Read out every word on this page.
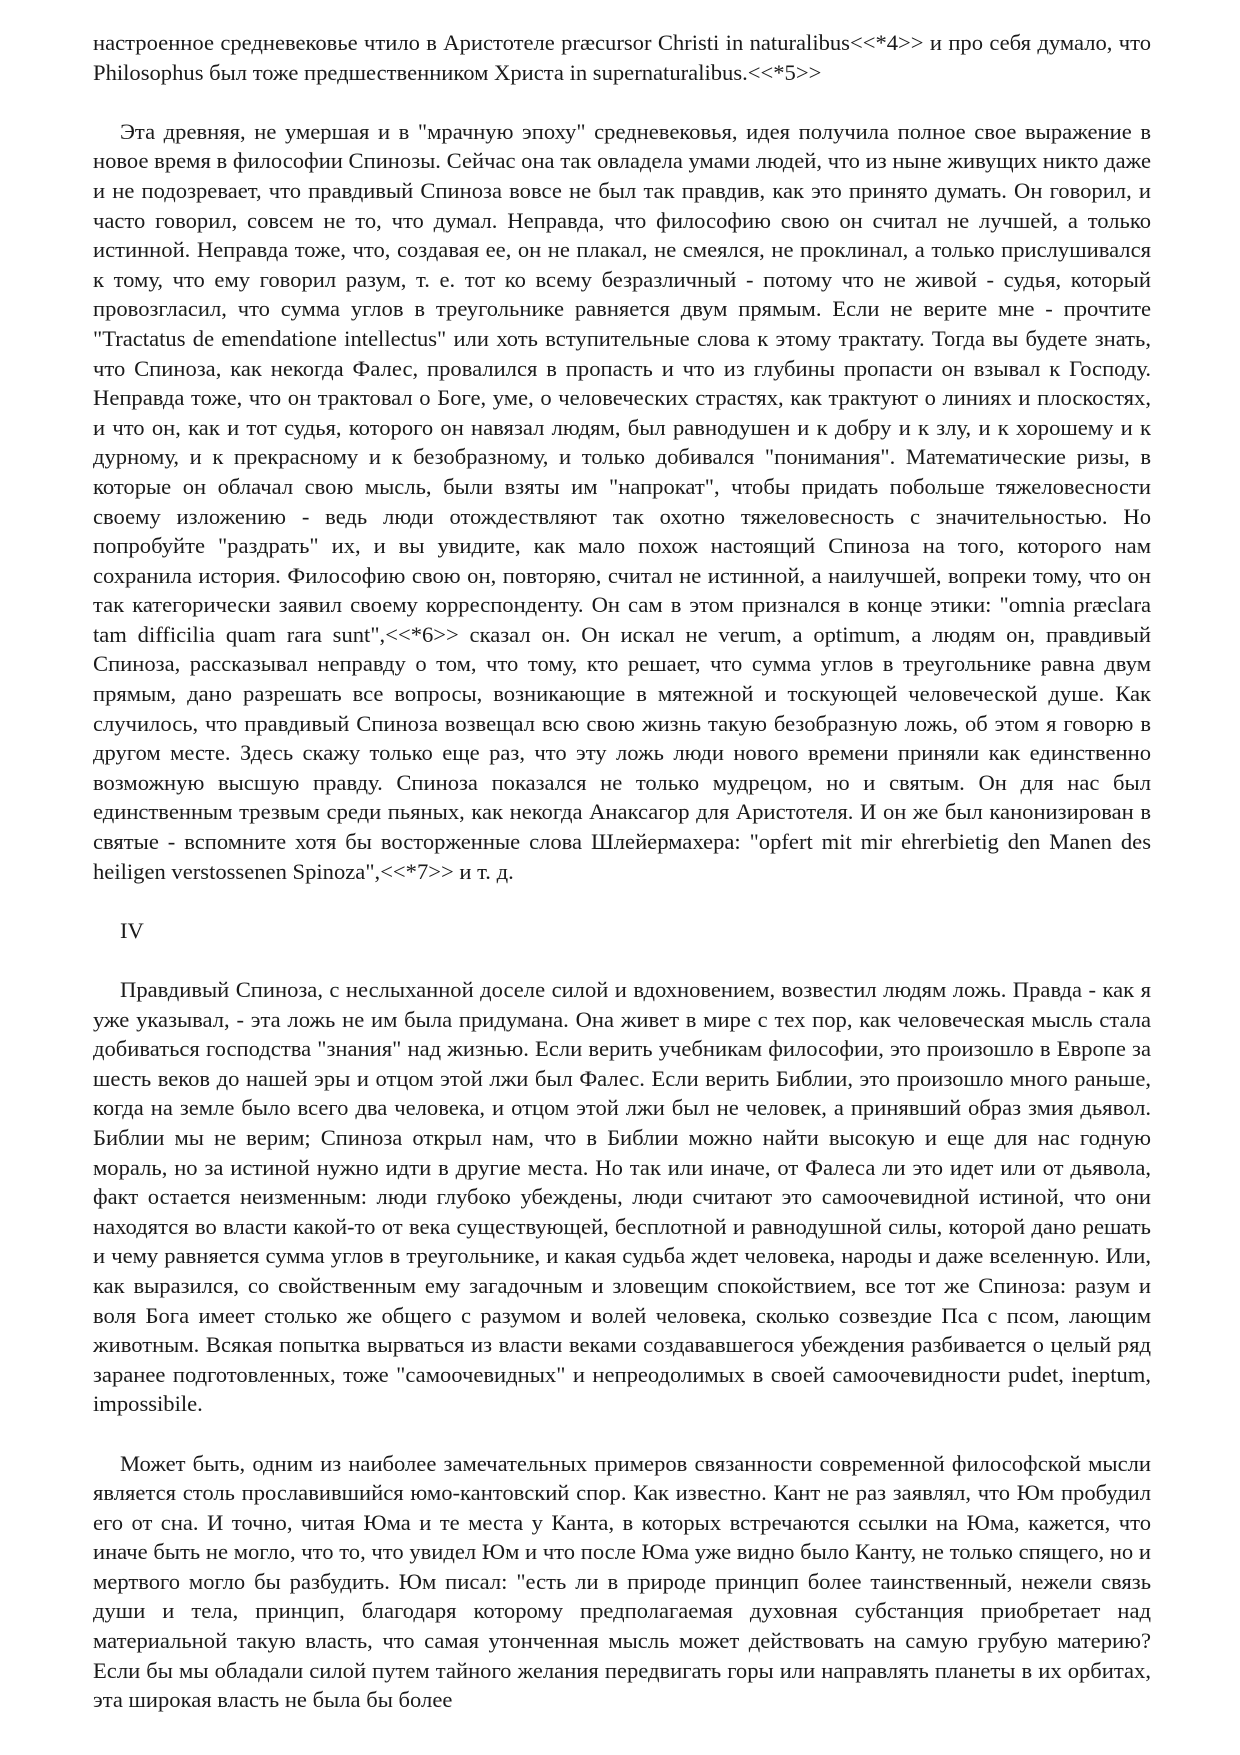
настроенное средневековье чтило в Аристотеле præcursor Christi in naturalibus<<*4>> и про себя думало, что Philosophus был тоже предшественником Христа in supernaturalibus.<<*5>>

Эта древняя, не умершая и в "мрачную эпоху" средневековья, идея получила полное свое выражение в новое время в философии Спинозы. Сейчас она так овладела умами людей, что из ныне живущих никто даже и не подозревает, что правдивый Спиноза вовсе не был так правдив, как это принято думать. Он говорил, и часто говорил, совсем не то, что думал. Неправда, что философию свою он считал не лучшей, а только истинной. Неправда тоже, что, создавая ее, он не плакал, не смеялся, не проклинал, а только прислушивался к тому, что ему говорил разум, т. е. тот ко всему безразличный - потому что не живой - судья, который провозгласил, что сумма углов в треугольнике равняется двум прямым. Если не верите мне - прочтите "Tractatus de emendatione intellectus" или хоть вступительные слова к этому трактату. Тогда вы будете знать, что Спиноза, как некогда Фалес, провалился в пропасть и что из глубины пропасти он взывал к Господу. Неправда тоже, что он трактовал о Боге, уме, о человеческих страстях, как трактуют о линиях и плоскостях, и что он, как и тот судья, которого он навязал людям, был равнодушен и к добру и к злу, и к хорошему и к дурному, и к прекрасному и к безобразному, и только добивался "понимания". Математические ризы, в которые он облачал свою мысль, были взяты им "напрокат", чтобы придать побольше тяжеловесности своему изложению - ведь люди отождествляют так охотно тяжеловесность с значительностью. Но попробуйте "раздрать" их, и вы увидите, как мало похож настоящий Спиноза на того, которого нам сохранила история. Философию свою он, повторяю, считал не истинной, а наилучшей, вопреки тому, что он так категорически заявил своему корреспонденту. Он сам в этом признался в конце этики: "omnia præclara tam difficilia quam rara sunt",<<*6>> сказал он. Он искал не verum, а optimum, а людям он, правдивый Спиноза, рассказывал неправду о том, что тому, кто решает, что сумма углов в треугольнике равна двум прямым, дано разрешать все вопросы, возникающие в мятежной и тоскующей человеческой душе. Как случилось, что правдивый Спиноза возвещал всю свою жизнь такую безобразную ложь, об этом я говорю в другом месте. Здесь скажу только еще раз, что эту ложь люди нового времени приняли как единственно возможную высшую правду. Спиноза показался не только мудрецом, но и святым. Он для нас был единственным трезвым среди пьяных, как некогда Анаксагор для Аристотеля. И он же был канонизирован в святые - вспомните хотя бы восторженные слова Шлейермахера: "opfert mit mir ehrerbietig den Manen des heiligen verstossenen Spinoza",<<*7>> и т. д.

IV

Правдивый Спиноза, с неслыханной доселе силой и вдохновением, возвестил людям ложь. Правда - как я уже указывал, - эта ложь не им была придумана. Она живет в мире с тех пор, как человеческая мысль стала добиваться господства "знания" над жизнью. Если верить учебникам философии, это произошло в Европе за шесть веков до нашей эры и отцом этой лжи был Фалес. Если верить Библии, это произошло много раньше, когда на земле было всего два человека, и отцом этой лжи был не человек, а принявший образ змия дьявол. Библии мы не верим; Спиноза открыл нам, что в Библии можно найти высокую и еще для нас годную мораль, но за истиной нужно идти в другие места. Но так или иначе, от Фалеса ли это идет или от дьявола, факт остается неизменным: люди глубоко убеждены, люди считают это самоочевидной истиной, что они находятся во власти какой-то от века существующей, бесплотной и равнодушной силы, которой дано решать и чему равняется сумма углов в треугольнике, и какая судьба ждет человека, народы и даже вселенную. Или, как выразился, со свойственным ему загадочным и зловещим спокойствием, все тот же Спиноза: разум и воля Бога имеет столько же общего с разумом и волей человека, сколько созвездие Пса с псом, лающим животным. Всякая попытка вырваться из власти веками создававшегося убеждения разбивается о целый ряд заранее подготовленных, тоже "самоочевидных" и непреодолимых в своей самоочевидности pudet, ineptum, impossibile.

Может быть, одним из наиболее замечательных примеров связанности современной философской мысли является столь прославившийся юмо-кантовский спор. Как известно. Кант не раз заявлял, что Юм пробудил его от сна. И точно, читая Юма и те места у Канта, в которых встречаются ссылки на Юма, кажется, что иначе быть не могло, что то, что увидел Юм и что после Юма уже видно было Канту, не только спящего, но и мертвого могло бы разбудить. Юм писал: "есть ли в природе принцип более таинственный, нежели связь души и тела, принцип, благодаря которому предполагаемая духовная субстанция приобретает над материальной такую власть, что самая утонченная мысль может действовать на самую грубую материю? Если бы мы обладали силой путем тайного желания передвигать горы или направлять планеты в их орбитах, эта широкая власть не была бы более
